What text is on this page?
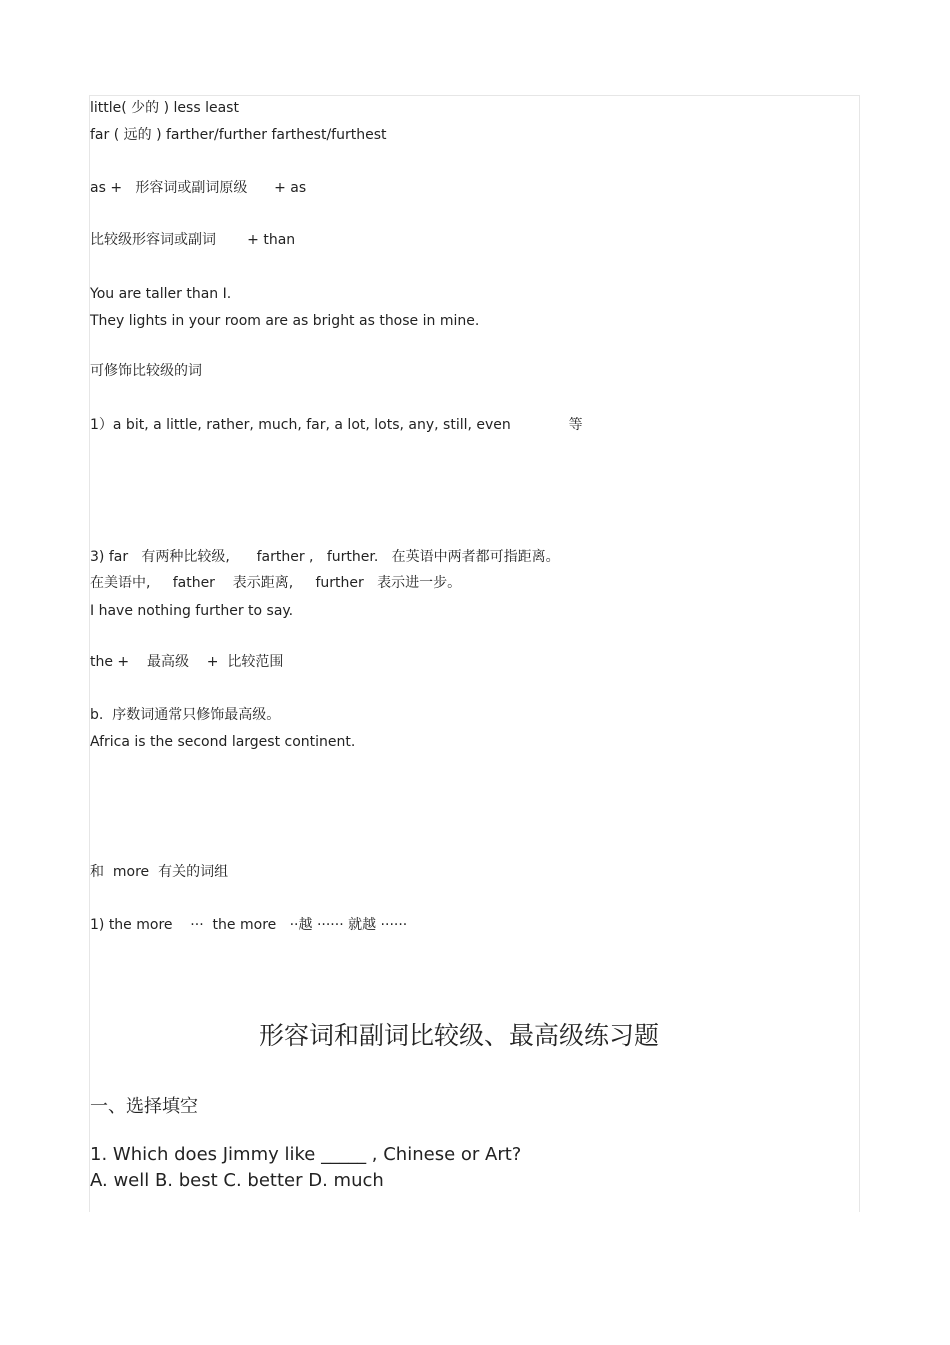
little( 少的 ) less least
far ( 远的 ) farther/further farthest/furthest
as +   形容词或副词原级      + as
比较级形容词或副词       + than
You are taller than I.
They lights in your room are as bright as those in mine.
可修饰比较级的词
1）a bit, a little, rather, much, far, a lot, lots, any, still, even             等
3) far   有两种比较级,      farther ,   further.   在英语中两者都可指距离。
在美语中,     father    表示距离,     further   表示进一步。
I have nothing further to say.
the +    最高级    +  比较范围
b.  序数词通常只修饰最高级。
Africa is the second largest continent.
和  more  有关的词组
1) the more    ···  the more   ··越 ······ 就越 ······
形容词和副词比较级、最高级练习题
一、选择填空
1. Which does Jimmy like _____ , Chinese or Art?
A. well B. best C. better D. much
